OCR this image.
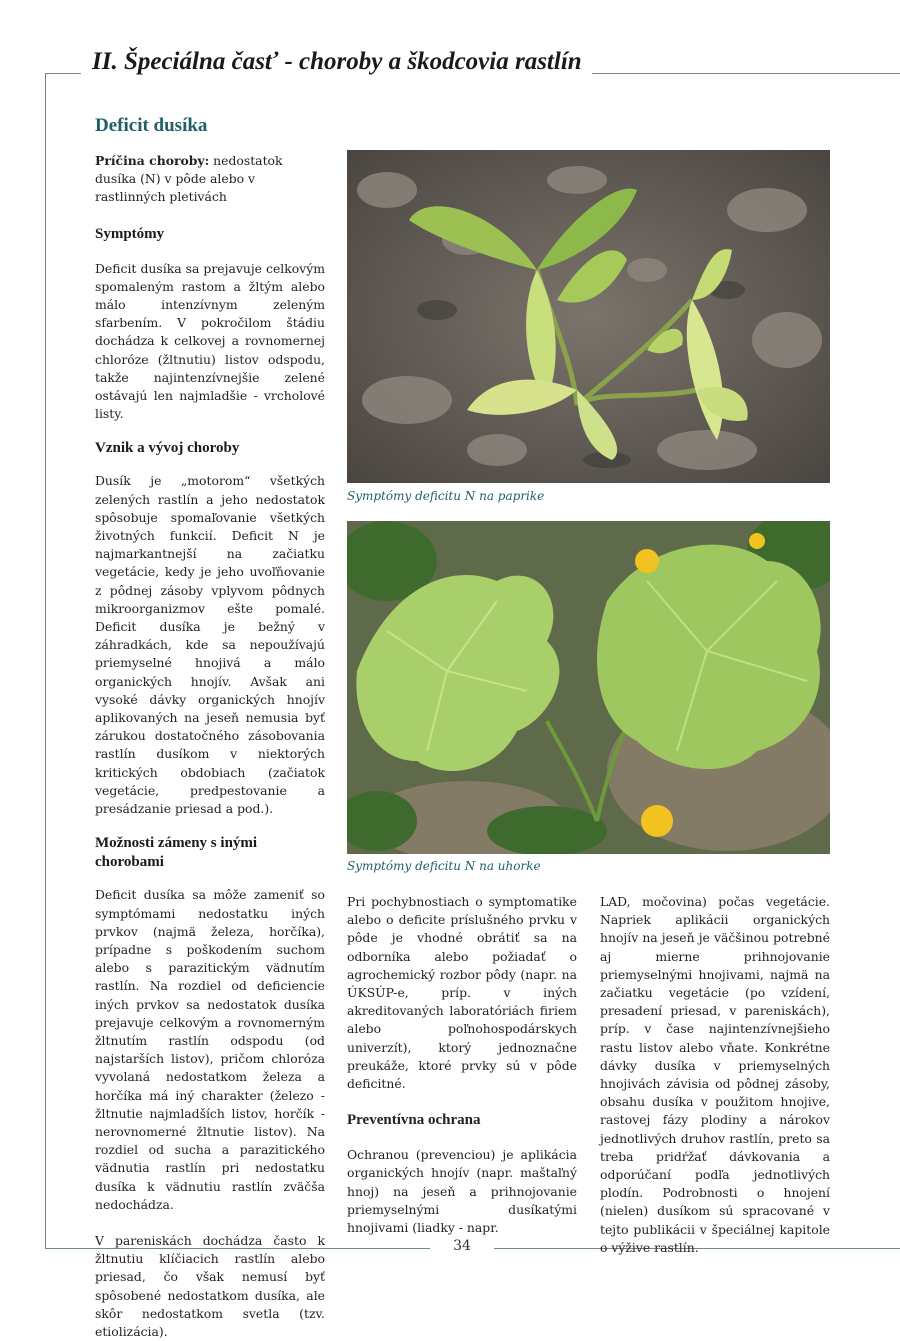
II. Špeciálna časť - choroby a škodcovia rastlín
Deficit dusíka

Príčina choroby: nedostatok dusíka (N) v pôde alebo v rastlinných pletivách

Symptómy

Deficit dusíka sa prejavuje celkovým spomaleným rastom a žltým alebo málo intenzívnym zeleným sfarbením. V pokročilom štádiu dochádza k celkovej a rovnomernej chloróze (žltnutiu) listov odspodu, takže najintenzívnejšie zelené ostávajú len najmladšie - vrcholové listy.

Vznik a vývoj choroby

Dusík je „motorom“ všetkých zelených rastlín a jeho nedostatok spôsobuje spomaľovanie všetkých životných funkcií. Deficit N je najmarkantnejší na začiatku vegetácie, kedy je jeho uvoľňovanie z pôdnej zásoby vplyvom pôdnych mikroorganizmov ešte pomalé. Deficit dusíka je bežný v záhradkách, kde sa nepoužívajú priemyselné hnojivá a málo organických hnojív. Avšak ani vysoké dávky organických hnojív aplikovaných na jeseň nemusia byť zárukou dostatočného zásobovania rastlín dusíkom v niektorých kritických obdobiach (začiatok vegetácie, predpestovanie a presádzanie priesad a pod.).

Možnosti zámeny s inými chorobami

Deficit dusíka sa môže zameniť so symptómami nedostatku iných prvkov (najmä železa, horčíka), prípadne s poškodením suchom alebo s parazitickým vädnutím rastlín. Na rozdiel od deficiencie iných prvkov sa nedostatok dusíka prejavuje celkovým a rovnomerným žltnutím rastlín odspodu (od najstarších listov), pričom chloróza vyvolaná nedostatkom železa a horčíka má iný charakter (železo - žltnutie najmladších listov, horčík - nerovnomerné žltnutie listov). Na rozdiel od sucha a parazitického vädnutia rastlín pri nedostatku dusíka k vädnutiu rastlín zväčša nedochádza.

V pareniskách dochádza často k žltnutiu klíčiacich rastlín alebo priesad, čo však nemusí byť spôsobené nedostatkom dusíka, ale skôr nedostatkom svetla (tzv. etiolizácia).

Symptómy deficitu N na paprike

Symptómy deficitu N na uhorke

Pri pochybnostiach o symptomatike alebo o deficite príslušného prvku v pôde je vhodné obrátiť sa na odborníka alebo požiadať o agrochemický rozbor pôdy (napr. na ÚKSÚP-e, príp. v iných akreditovaných laboratóriách firiem alebo poľnohospodárskych univerzít), ktorý jednoznačne preukáže, ktoré prvky sú v pôde deficitné.

Preventívna ochrana

Ochranou (prevenciou) je aplikácia organických hnojív (napr. maštaľný hnoj) na jeseň a prihnojovanie priemyselnými dusíkatými hnojivami (liadky - napr.

LAD, močovina) počas vegetácie. Napriek aplikácii organických hnojív na jeseň je väčšinou potrebné aj mierne prihnojovanie priemyselnými hnojivami, najmä na začiatku vegetácie (po vzídení, presadení priesad, v pareniskách), príp. v čase najintenzívnejšieho rastu listov alebo vňate. Konkrétne dávky dusíka v priemyselných hnojivách závisia od pôdnej zásoby, obsahu dusíka v použitom hnojive, rastovej fázy plodiny a nárokov jednotlivých druhov rastlín, preto sa treba pridŕžať dávkovania a odporúčaní podľa jednotlivých plodín. Podrobnosti o hnojení (nielen) dusíkom sú spracované v tejto publikácii v špeciálnej kapitole o výžive rastlín.

34
